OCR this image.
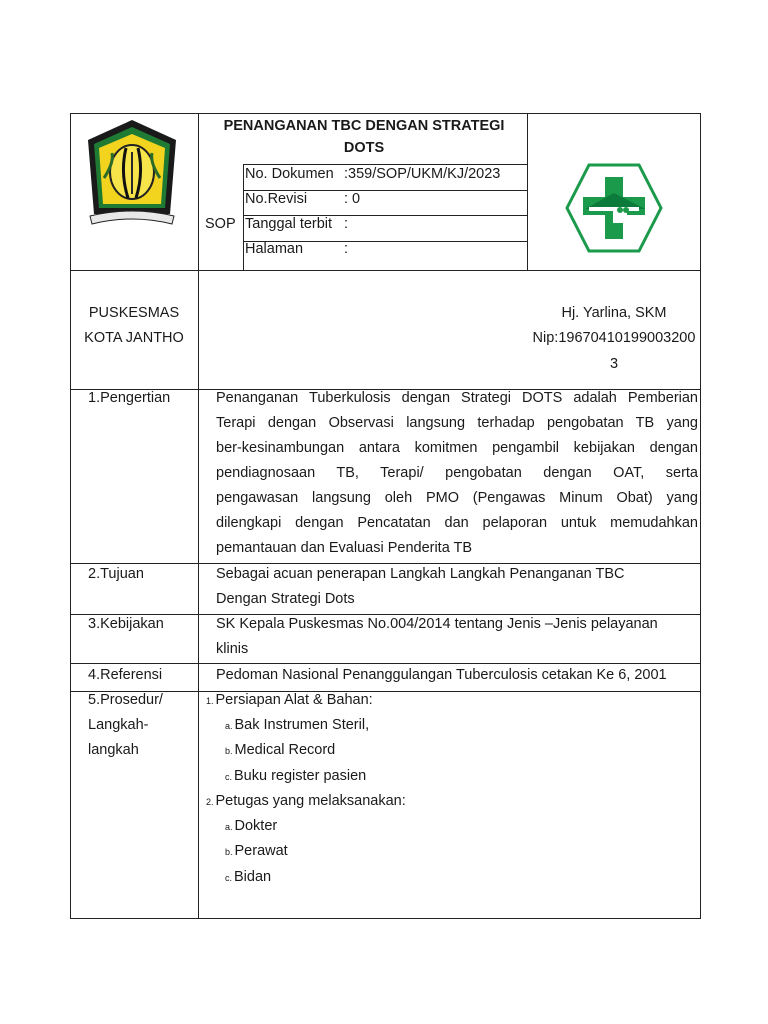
PENANGANAN TBC DENGAN STRATEGI
DOTS
SOP
No. Dokumen :359/SOP/UKM/KJ/2023
No.Revisi	: 0
Tanggal terbit :
Halaman	:
PUSKESMAS
KOTA JANTHO
Hj. Yarlina, SKM
Nip:19670410199003200
3
1.Pengertian
2.Tujuan
3.Kebijakan
4.Referensi
5.Prosedur/
Langkah-
langkah
Penanganan Tuberkulosis dengan Strategi DOTS adalah Pemberian
Terapi dengan Observasi langsung terhadap pengobatan TB yang
ber-kesinambungan antara komitmen pengambil kebijakan dengan
pendiagnosaan TB, Terapi/ pengobatan dengan OAT, serta
pengawasan langsung oleh PMO (Pengawas Minum Obat) yang
dilengkapi dengan Pencatatan dan pelaporan untuk memudahkan
pemantauan dan Evaluasi Penderita TB
Sebagai acuan penerapan Langkah Langkah Penanganan TBC
Dengan Strategi Dots
SK Kepala Puskesmas No.004/2014 tentang Jenis –Jenis pelayanan
klinis
Pedoman Nasional Penanggulangan Tuberculosis cetakan Ke 6, 2001
1. Persiapan Alat & Bahan:
a. Bak Instrumen Steril,
b. Medical Record
c. Buku register pasien
2. Petugas yang melaksanakan:
a. Dokter
b. Perawat
c. Bidan
